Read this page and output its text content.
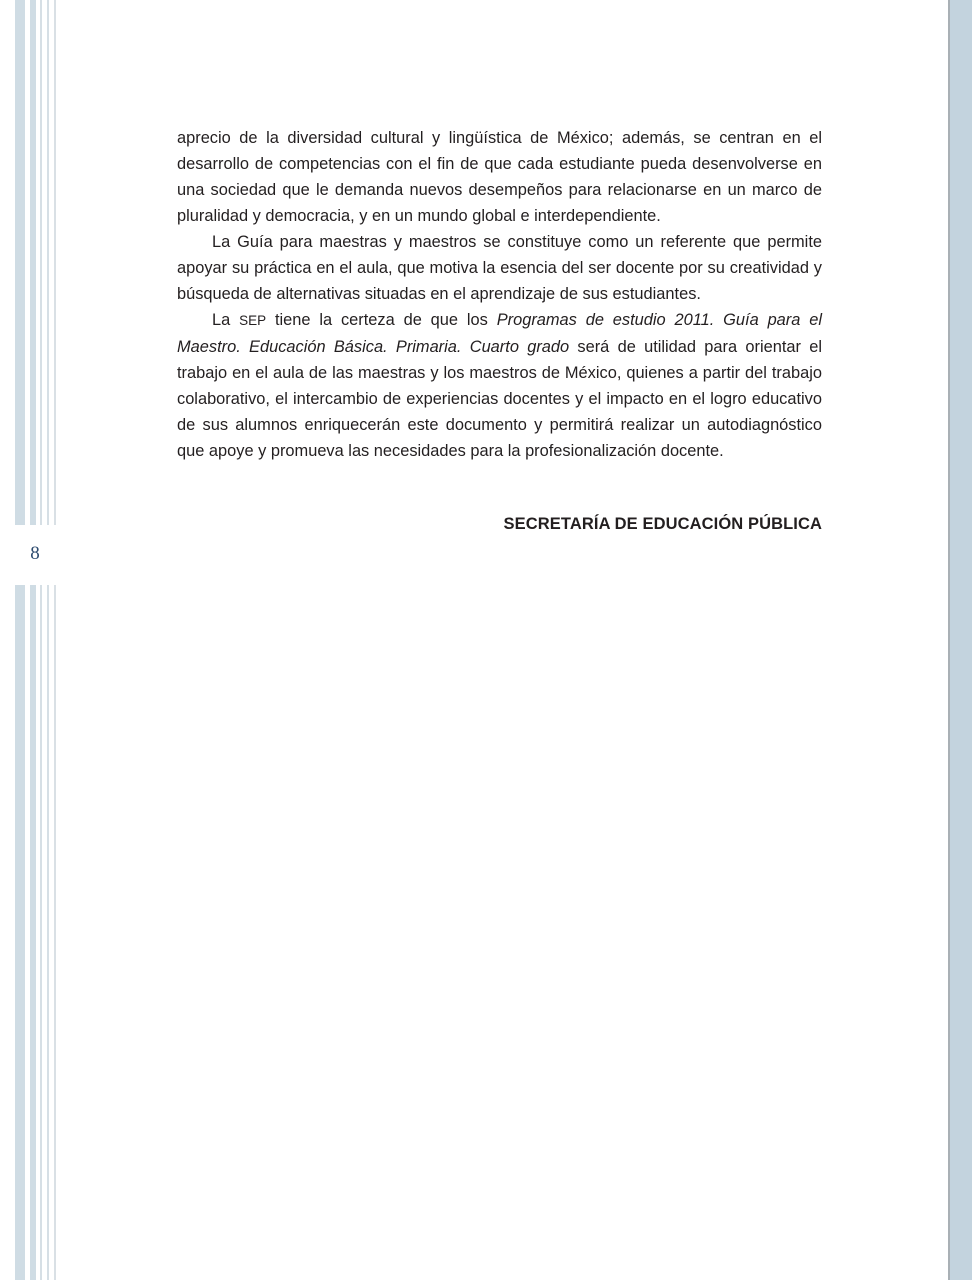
8

aprecio de la diversidad cultural y lingüística de México; además, se centran en el desarrollo de competencias con el fin de que cada estudiante pueda desenvolverse en una sociedad que le demanda nuevos desempeños para relacionarse en un marco de pluralidad y democracia, y en un mundo global e interdependiente.

La Guía para maestras y maestros se constituye como un referente que permite apoyar su práctica en el aula, que motiva la esencia del ser docente por su creatividad y búsqueda de alternativas situadas en el aprendizaje de sus estudiantes.

La SEP tiene la certeza de que los Programas de estudio 2011. Guía para el Maestro. Educación Básica. Primaria. Cuarto grado será de utilidad para orientar el trabajo en el aula de las maestras y los maestros de México, quienes a partir del trabajo colaborativo, el intercambio de experiencias docentes y el impacto en el logro educativo de sus alumnos enriquecerán este documento y permitirá realizar un autodiagnóstico que apoye y promueva las necesidades para la profesionalización docente.

SECRETARÍA DE EDUCACIÓN PÚBLICA
